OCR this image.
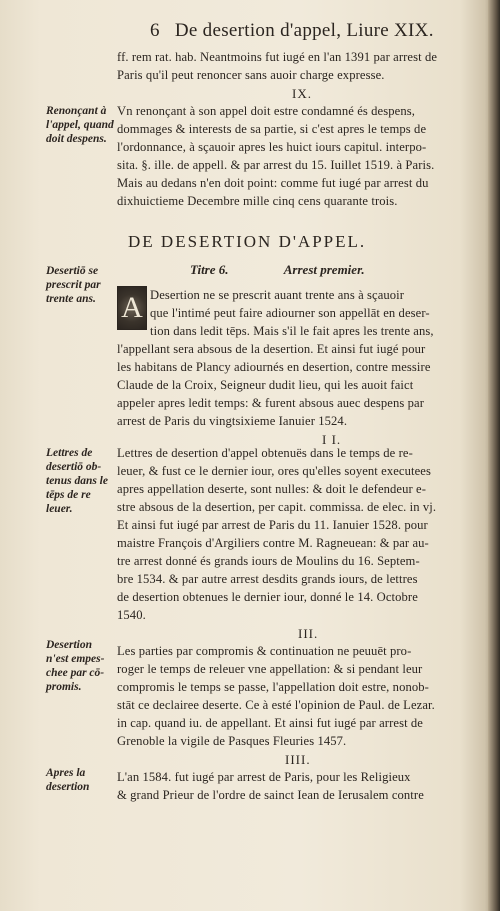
6 De desertion d'appel, Liure XIX.
ff. rem rat. hab. Neantmoins fut iugé en l'an 1391 par arrest de
Paris qu'il peut renoncer sans auoir charge expresse.
IX.
Renonçant à l'appel, quand doit despens.
Vn renonçant à son appel doit estre condamné és despens,
dommages & interests de sa partie, si c'est apres le temps de
l'ordonnance, à sçauoir apres les huict iours capitul. interpo-
sita. §. ille. de appell. & par arrest du 15. Iuillet 1519. à Paris.
Mais au dedans n'en doit point: comme fut iugé par arrest du
dixhuictieme Decembre mille cinq cens quarante trois.
DE DESERTION D'APPEL.
Titre 6.	Arrest premier.
Desertiō se prescrit par trente ans. A Desertion ne se prescrit auant trente ans à sçauoir
que l'intimé peut faire adiourner son appellāt en deser-
tion dans ledit tēps. Mais s'il le fait apres les trente ans,
l'appellant sera absous de la desertion. Et ainsi fut iugé pour
les habitans de Plancy adiournés en desertion, contre messire
Claude de la Croix, Seigneur dudit lieu, qui les auoit faict
appeler apres ledit temps: & furent absous auec despens par
arrest de Paris du vingtsixieme Ianuier 1524.
I I.
Lettres de desertiō ob-tenus dans le tēps de re leuer.
Lettres de desertion d'appel obtenuës dans le temps de re-
leuer, & fust ce le dernier iour, ores qu'elles soyent executees
apres appellation deserte, sont nulles: & doit le defendeur e-
stre absous de la desertion, per capit. commissa. de elec. in vj.
Et ainsi fut iugé par arrest de Paris du 11. Ianuier 1528. pour
maistre François d'Argiliers contre M. Ragneuean: & par au-
tre arrest donné és grands iours de Moulins du 16. Septem-
bre 1534. & par autre arrest desdits grands iours, de lettres
de desertion obtenues le dernier iour, donné le 14. Octobre
1540.
III.
Desertion n'est empes-chee par cō-promis.
Les parties par compromis & continuation ne peuuēt pro-
roger le temps de releuer vne appellation: & si pendant leur
compromis le temps se passe, l'appellation doit estre, nonob-
stāt ce declairee deserte. Ce à esté l'opinion de Paul. de Lezar.
in cap. quand iu. de appellant. Et ainsi fut iugé par arrest de
Grenoble la vigile de Pasques Fleuries 1457.
IIII.
Apres la desertion
L'an 1584. fut iugé par arrest de Paris, pour les Religieux
& grand Prieur de l'ordre de sainct Iean de Ierusalem contre
